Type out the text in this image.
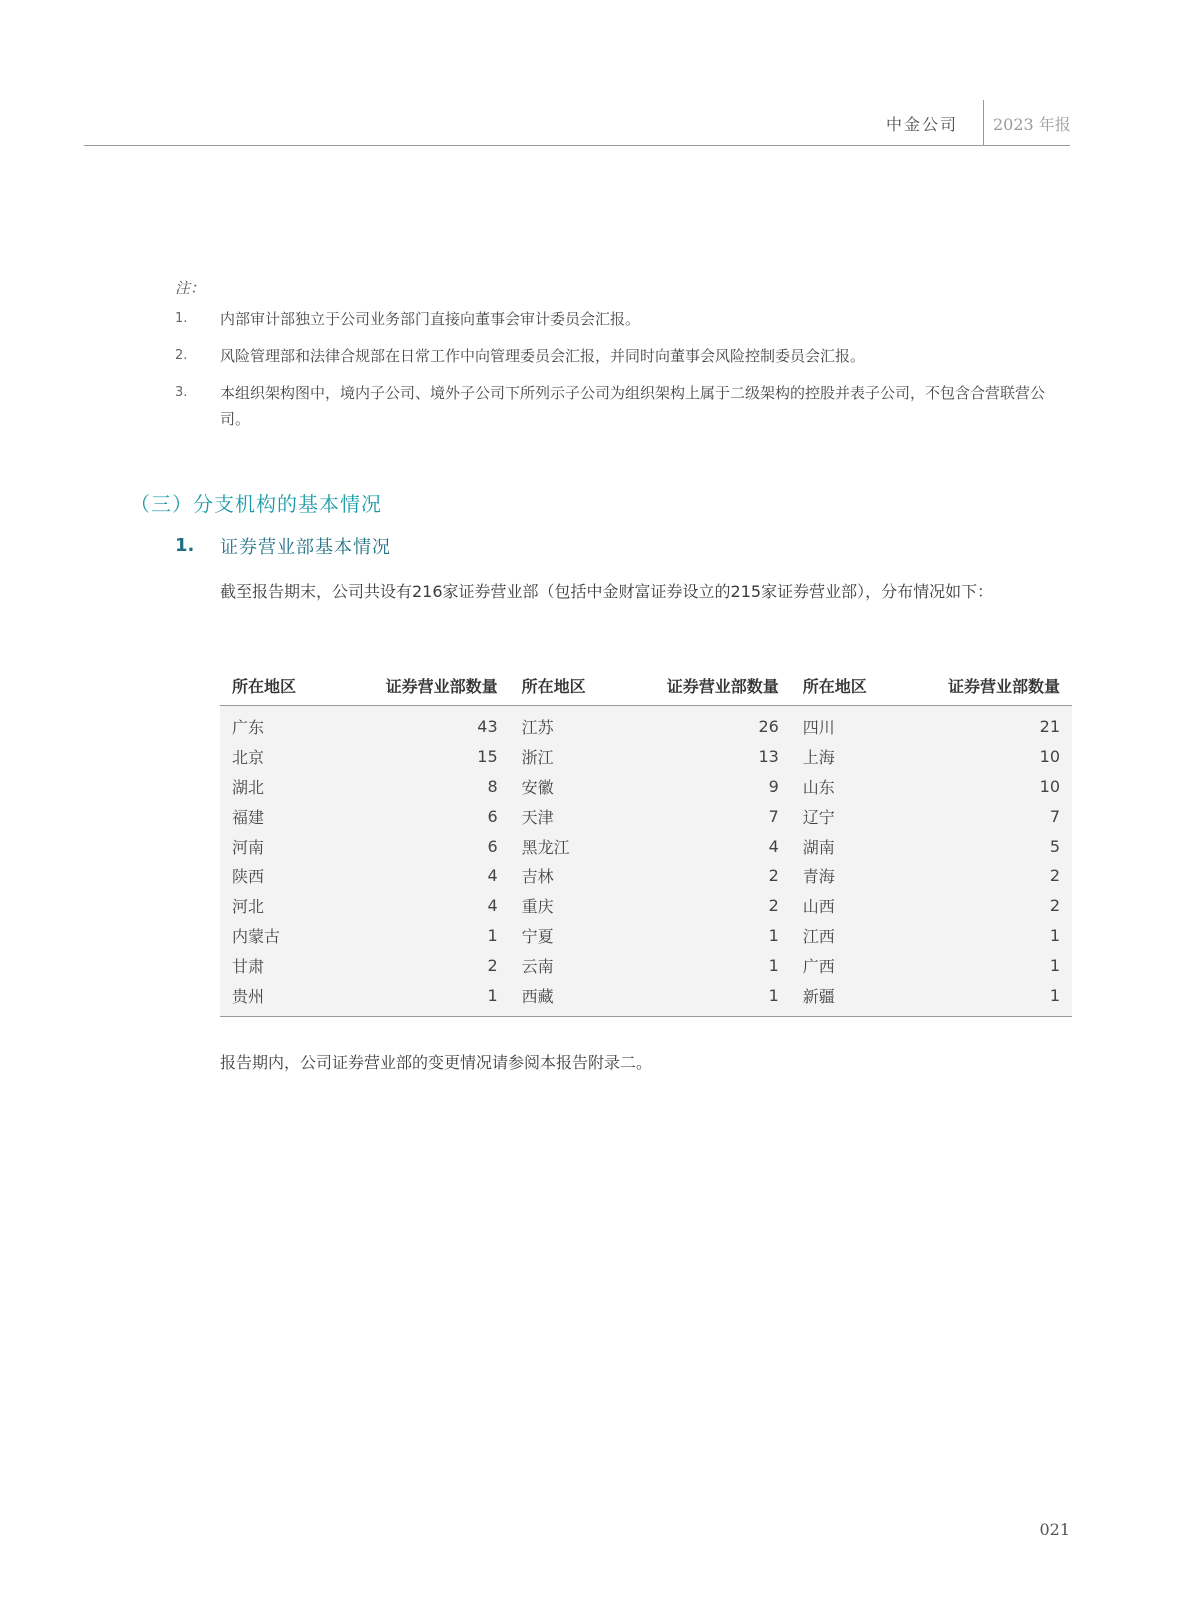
中金公司 2023 年报
注：
1.	内部审计部独立于公司业务部门直接向董事会审计委员会汇报。
2.	风险管理部和法律合规部在日常工作中向管理委员会汇报，并同时向董事会风险控制委员会汇报。
3.	本组织架构图中，境内子公司、境外子公司下所列示子公司为组织架构上属于二级架构的控股并表子公司，不包含合营联营公司。
（三）分支机构的基本情况
1. 证券营业部基本情况
截至报告期末，公司共设有216家证券营业部（包括中金财富证券设立的215家证券营业部），分布情况如下：
所在地区	证券营业部数量	所在地区	证券营业部数量	所在地区	证券营业部数量
广东	43	江苏	26	四川	21
北京	15	浙江	13	上海	10
湖北	8	安徽	9	山东	10
福建	6	天津	7	辽宁	7
河南	6	黑龙江	4	湖南	5
陕西	4	吉林	2	青海	2
河北	4	重庆	2	山西	2
内蒙古	1	宁夏	1	江西	1
甘肃	2	云南	1	广西	1
贵州	1	西藏	1	新疆	1
报告期内，公司证券营业部的变更情况请参阅本报告附录二。
021
